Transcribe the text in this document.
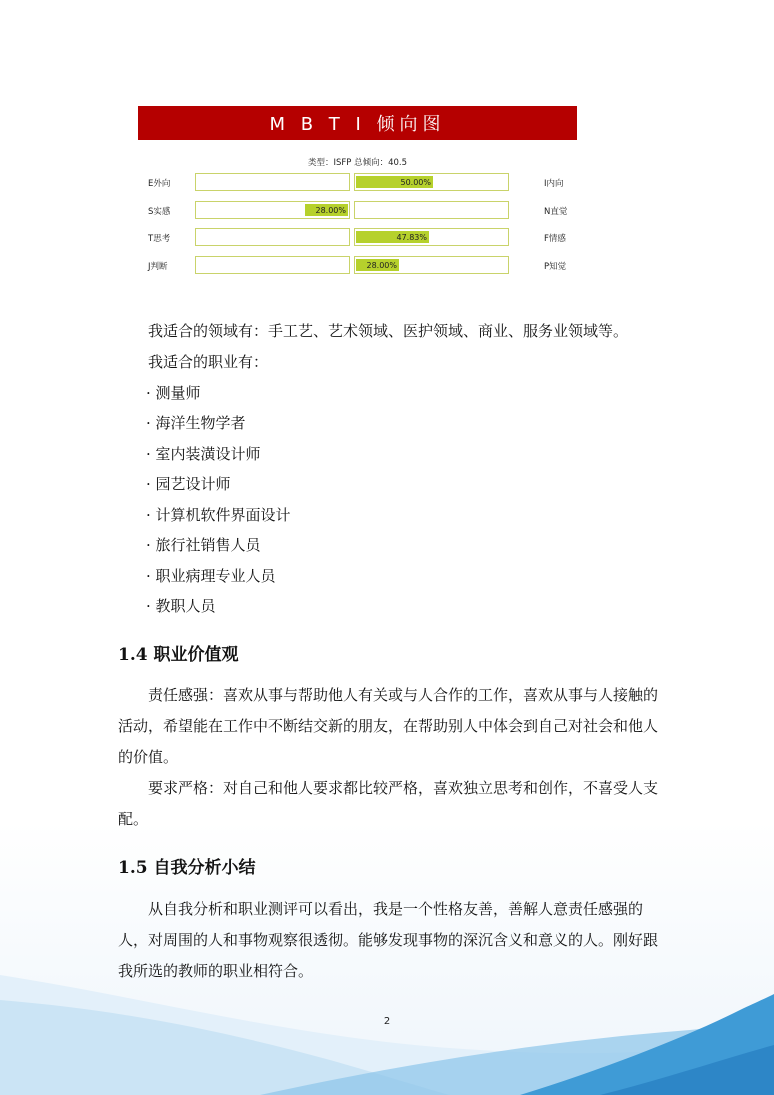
M B T I 倾向图
类型：ISFP 总倾向：40.5
E外向	50.00%	I内向
S实感	28.00%	N直觉
T思考	47.83%	F情感
J判断	28.00%	P知觉
我适合的领域有：手工艺、艺术领域、医护领域、商业、服务业领域等。
我适合的职业有：
· 测量师
· 海洋生物学者
· 室内装潢设计师
· 园艺设计师
· 计算机软件界面设计
· 旅行社销售人员
· 职业病理专业人员
· 教职人员
1.4 职业价值观
责任感强：喜欢从事与帮助他人有关或与人合作的工作，喜欢从事与人接触的活动，希望能在工作中不断结交新的朋友，在帮助别人中体会到自己对社会和他人的价值。
要求严格：对自己和他人要求都比较严格，喜欢独立思考和创作，不喜受人支配。
1.5 自我分析小结
从自我分析和职业测评可以看出，我是一个性格友善，善解人意责任感强的人，对周围的人和事物观察很透彻。能够发现事物的深沉含义和意义的人。刚好跟我所选的教师的职业相符合。
2
